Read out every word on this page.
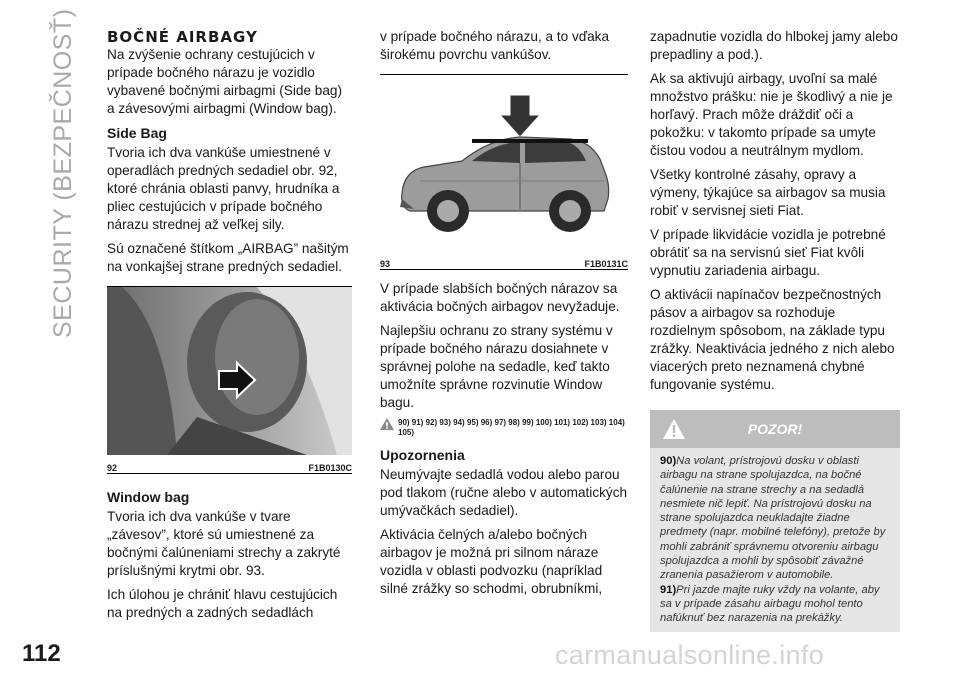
SECURITY (BEZPEČNOSŤ)
112
BOČNÉ AIRBAGY

Na zvýšenie ochrany cestujúcich v prípade bočného nárazu je vozidlo vybavené bočnými airbagmi (Side bag) a závesovými airbagmi (Window bag).

Side Bag

Tvoria ich dva vankúše umiestnené v operadlách predných sedadiel obr. 92, ktoré chránia oblasti panvy, hrudníka a pliec cestujúcich v prípade bočného nárazu strednej až veľkej sily.

Sú označené štítkom „AIRBAG” našitým na vonkajšej strane predných sedadiel.

92	F1B0130C
Window bag

Tvoria ich dva vankúše v tvare „závesov”, ktoré sú umiestnené za bočnými čalúneniami strechy a zakryté príslušnými krytmi obr. 93.

Ich úlohou je chrániť hlavu cestujúcich na predných a zadných sedadlách

v prípade bočného nárazu, a to vďaka širokému povrchu vankúšov.

93	F1B0131C

V prípade slabších bočných nárazov sa aktivácia bočných airbagov nevyžaduje.

Najlepšiu ochranu zo strany systému v prípade bočného nárazu dosiahnete v správnej polohe na sedadle, keď takto umožníte správne rozvinutie Window bagu.

90) 91) 92) 93) 94) 95) 96) 97) 98) 99) 100) 101) 102) 103) 104) 105)
Upozornenia

Neumývajte sedadlá vodou alebo parou pod tlakom (ručne alebo v automatických umývačkách sedadiel).

Aktivácia čelných a/alebo bočných airbagov je možná pri silnom náraze vozidla v oblasti podvozku (napríklad silné zrážky so schodmi, obrubníkmi,

zapadnutie vozidla do hlbokej jamy alebo prepadliny a pod.).

Ak sa aktivujú airbagy, uvoľní sa malé množstvo prášku: nie je škodlivý a nie je horľavý. Prach môže dráždiť oči a pokožku: v takomto prípade sa umyte čistou vodou a neutrálnym mydlom.

Všetky kontrolné zásahy, opravy a výmeny, týkajúce sa airbagov sa musia robiť v servisnej sieti Fiat.

V prípade likvidácie vozidla je potrebné obrátiť sa na servisnú sieť Fiat kvôli vypnutiu zariadenia airbagu.

O aktivácii napínačov bezpečnostných pásov a airbagov sa rozhoduje rozdielnym spôsobom, na základe typu zrážky. Neaktivácia jedného z nich alebo viacerých preto neznamená chybné fungovanie systému.

POZOR!

90)Na volant, prístrojovú dosku v oblasti airbagu na strane spolujazdca, na bočné čalúnenie na strane strechy a na sedadlá nesmiete nič lepiť. Na prístrojovú dosku na strane spolujazdca neukladajte žiadne predmety (napr. mobilné telefóny), pretože by mohli zabrániť správnemu otvoreniu airbagu spolujazdca a mohli by spôsobiť závažné zranenia pasažierom v automobile.

91)Pri jazde majte ruky vždy na volante, aby sa v prípade zásahu airbagu mohol tento nafúknuť bez narazenia na prekážky.

carmanualsonline.info
